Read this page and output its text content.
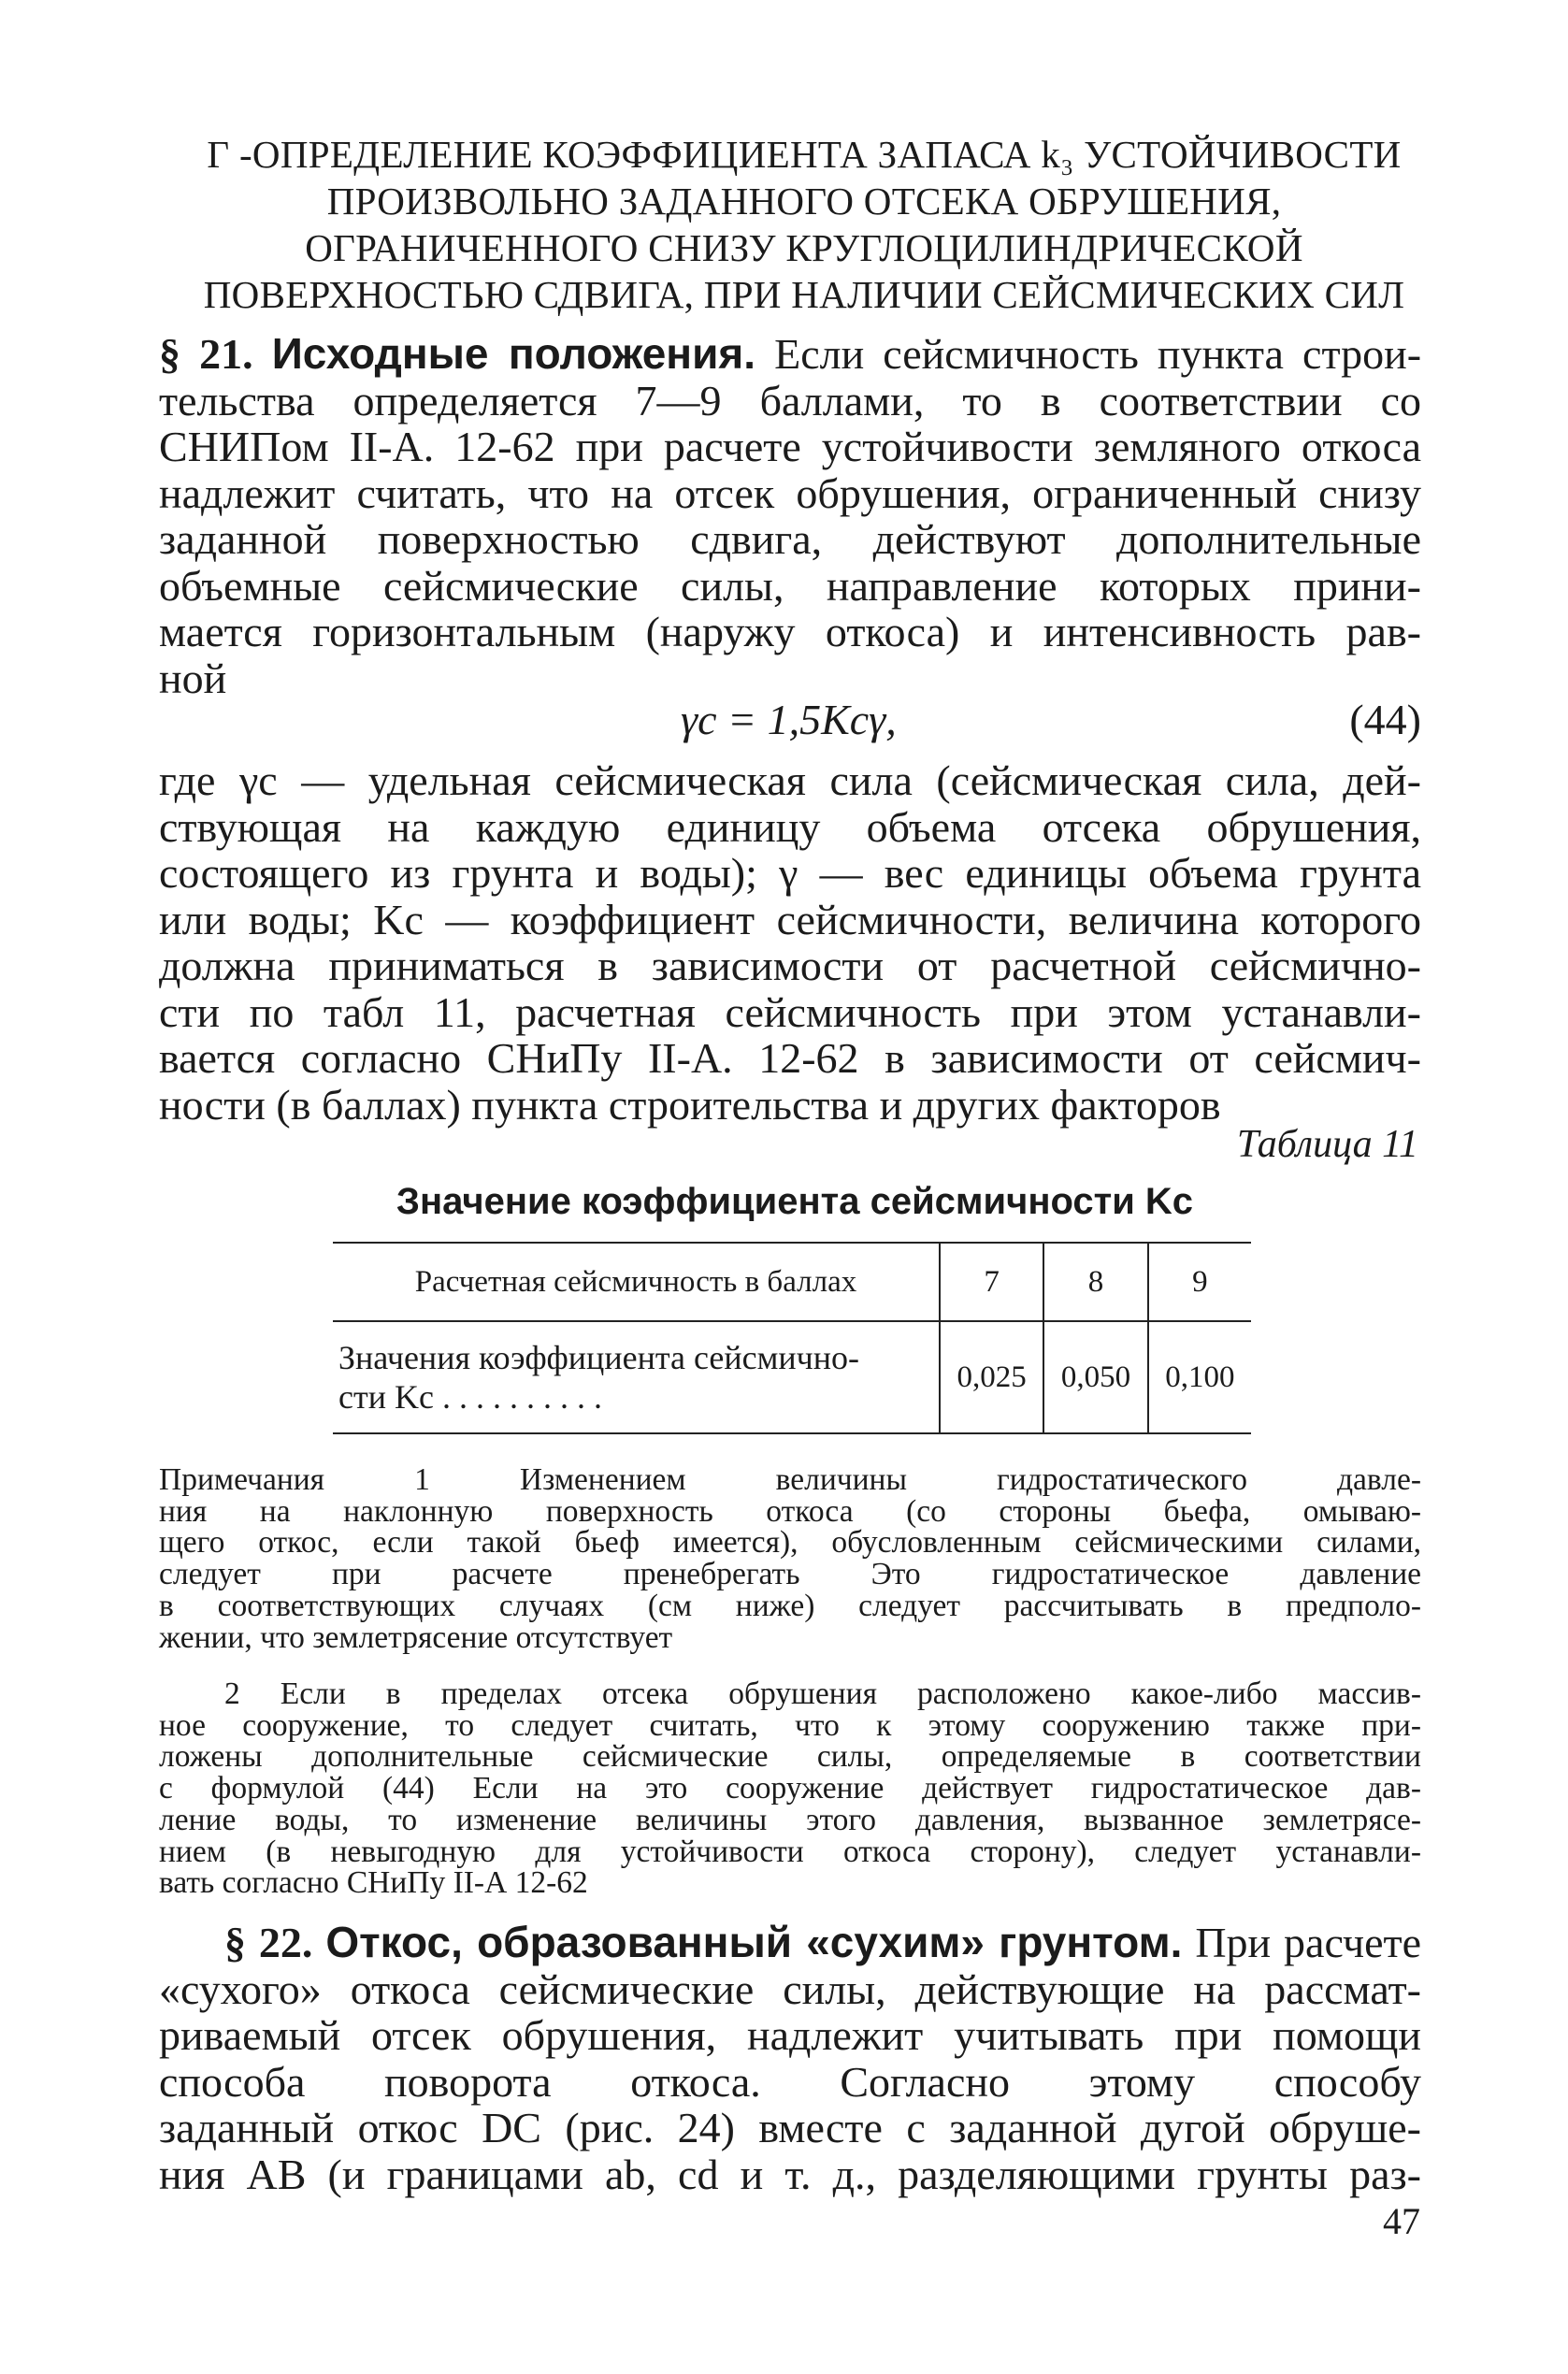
Г -ОПРЕДЕЛЕНИЕ КОЭФФИЦИЕНТА ЗАПАСА k₃ УСТОЙЧИВОСТИ
ПРОИЗВОЛЬНО ЗАДАННОГО ОТСЕКА ОБРУШЕНИЯ,
ОГРАНИЧЕННОГО СНИЗУ КРУГЛОЦИЛИНДРИЧЕСКОЙ
ПОВЕРХНОСТЬЮ СДВИГА, ПРИ НАЛИЧИИ СЕЙСМИЧЕСКИХ СИЛ
§ 21. Исходные положения. Если сейсмичность пункта строи-
тельства определяется 7—9 баллами, то в соответствии со
СНИПом II-А. 12-62 при расчете устойчивости земляного откоса
надлежит считать, что на отсек обрушения, ограниченный снизу
заданной поверхностью сдвига, действуют дополнительные
объемные сейсмические силы, направление которых прини-
мается горизонтальным (наружу откоса) и интенсивность рав-
ной
γc = 1,5Kcγ,	(44)
где γc — удельная сейсмическая сила (сейсмическая сила, дей-
ствующая на каждую единицу объема отсека обрушения,
состоящего из грунта и воды); γ — вес единицы объема грунта
или воды; Kc — коэффициент сейсмичности, величина которого
должна приниматься в зависимости от расчетной сейсмично-
сти по табл 11, расчетная сейсмичность при этом устанавли-
вается согласно СНиПу II-А. 12-62 в зависимости от сейсмич-
ности (в баллах) пункта строительства и других факторов
Таблица 11
Значение коэффициента сейсмичности Kc
Расчетная сейсмичность в баллах	7	8	9

Значения коэффициента сейсмично-
сти Kc . . . . . . . . . .	0,025	0,050	0,100
Примечания 1 Изменением величины гидростатического давле-
ния на наклонную поверхность откоса (со стороны бьефа, омываю-
щего откос, если такой бьеф имеется), обусловленным сейсмическими силами,
следует при расчете пренебрегать Это гидростатическое давление
в соответствующих случаях (см ниже) следует рассчитывать в предполо-
жении, что землетрясение отсутствует
2 Если в пределах отсека обрушения расположено какое-либо массив-
ное сооружение, то следует считать, что к этому сооружению также при-
ложены дополнительные сейсмические силы, определяемые в соответствии
с формулой (44) Если на это сооружение действует гидростатическое дав-
ление воды, то изменение величины этого давления, вызванное землетрясе-
нием (в невыгодную для устойчивости откоса сторону), следует устанавли-
вать согласно СНиПу II-А 12-62
§ 22. Откос, образованный «сухим» грунтом. При расчете
«сухого» откоса сейсмические силы, действующие на рассмат-
риваемый отсек обрушения, надлежит учитывать при помощи
способа поворота откоса. Согласно этому способу
заданный откос DC (рис. 24) вместе с заданной дугой обруше-
ния AB (и границами ab, cd и т. д., разделяющими грунты раз-
47
